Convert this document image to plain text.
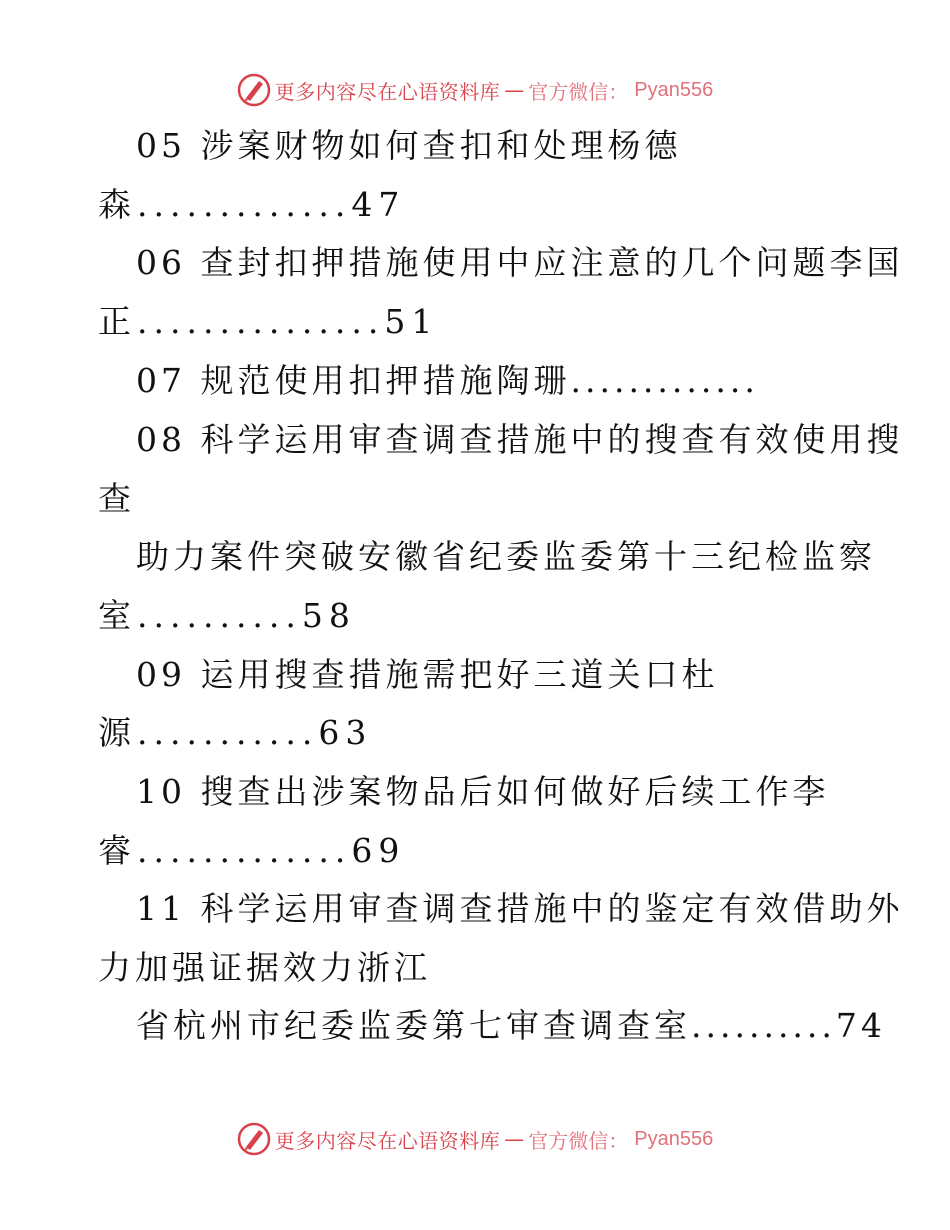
更多内容尽在心语资料库 — 官方微信： Pyan556
05 涉案财物如何查扣和处理杨德
森.............47
06 查封扣押措施使用中应注意的几个问题李国
正...............51
07 规范使用扣押措施陶珊.............
08 科学运用审查调查措施中的搜查有效使用搜
查
助力案件突破安徽省纪委监委第十三纪检监察
室..........58
09 运用搜查措施需把好三道关口杜
源...........63
10 搜查出涉案物品后如何做好后续工作李
睿.............69
11 科学运用审查调查措施中的鉴定有效借助外
力加强证据效力浙江
省杭州市纪委监委第七审查调查室..........74
更多内容尽在心语资料库 — 官方微信： Pyan556
